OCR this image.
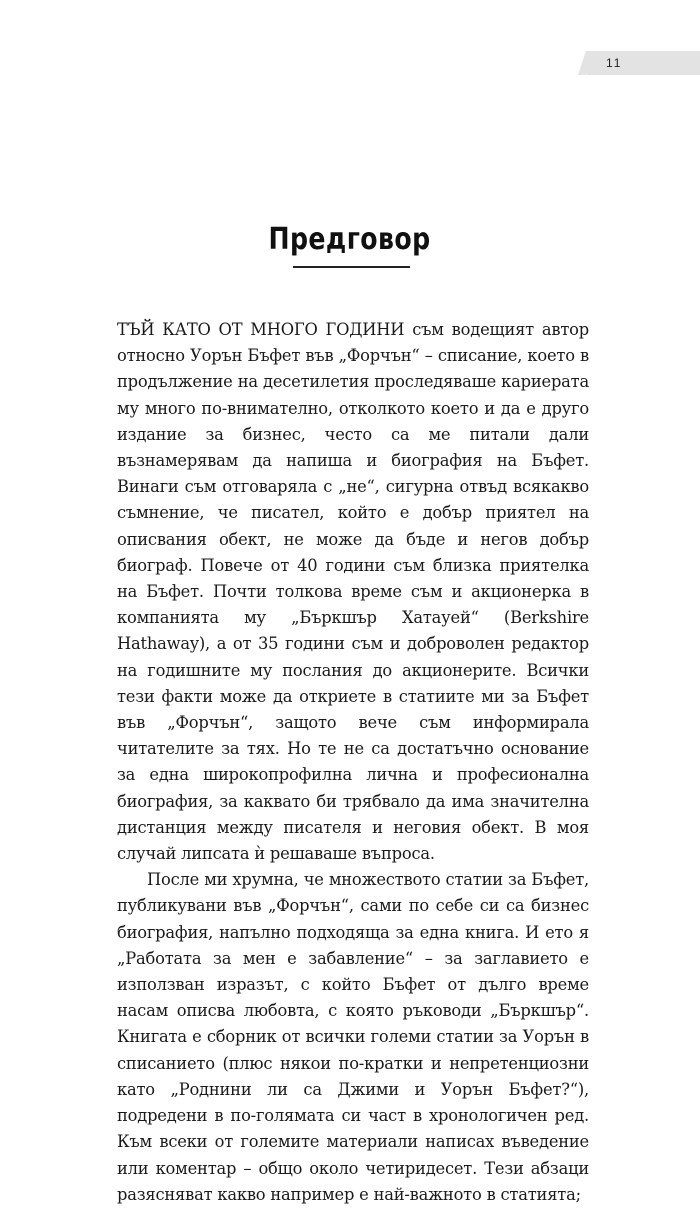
11
Предговор

ТЪЙ КАТО ОТ МНОГО ГОДИНИ съм водещият автор относно Уорън Бъфет във „Форчън“ – списание, което в продължение на десетилетия проследяваше кариерата му много по-внимателно, отколкото което и да е друго издание за бизнес, често са ме питали дали възнамерявам да напиша и биография на Бъфет. Винаги съм отговаряла с „не“, сигурна отвъд всякакво съмнение, че писател, който е добър приятел на описвания обект, не може да бъде и негов добър биограф. Повече от 40 години съм близка приятелка на Бъфет. Почти толкова време съм и акционерка в компанията му „Бъркшър Хатауей“ (Berkshire Hathaway), а от 35 години съм и доброволен редактор на годишните му послания до акционерите. Всички тези факти може да откриете в статиите ми за Бъфет във „Форчън“, защото вече съм информирала читателите за тях. Но те не са достатъчно основание за една широкопрофилна лична и професионална биография, за каквато би трябвало да има значителна дистанция между писателя и неговия обект. В моя случай липсата ѝ решаваше въпроса.

После ми хрумна, че множеството статии за Бъфет, публикувани във „Форчън“, сами по себе си са бизнес биография, напълно подходяща за една книга. И ето я „Работата за мен е забавление“ – за заглавието е използван изразът, с който Бъфет от дълго време насам описва любовта, с която ръководи „Бъркшър“. Книгата е сборник от всички големи статии за Уорън в списанието (плюс някои по-кратки и непретенциозни като „Роднини ли са Джими и Уорън Бъфет?“), подредени в по-голямата си част в хронологичен ред. Към всеки от големите материали написах въведение или коментар – общо около четиридесет. Тези абзаци разясняват какво например е най-важното в статията;
